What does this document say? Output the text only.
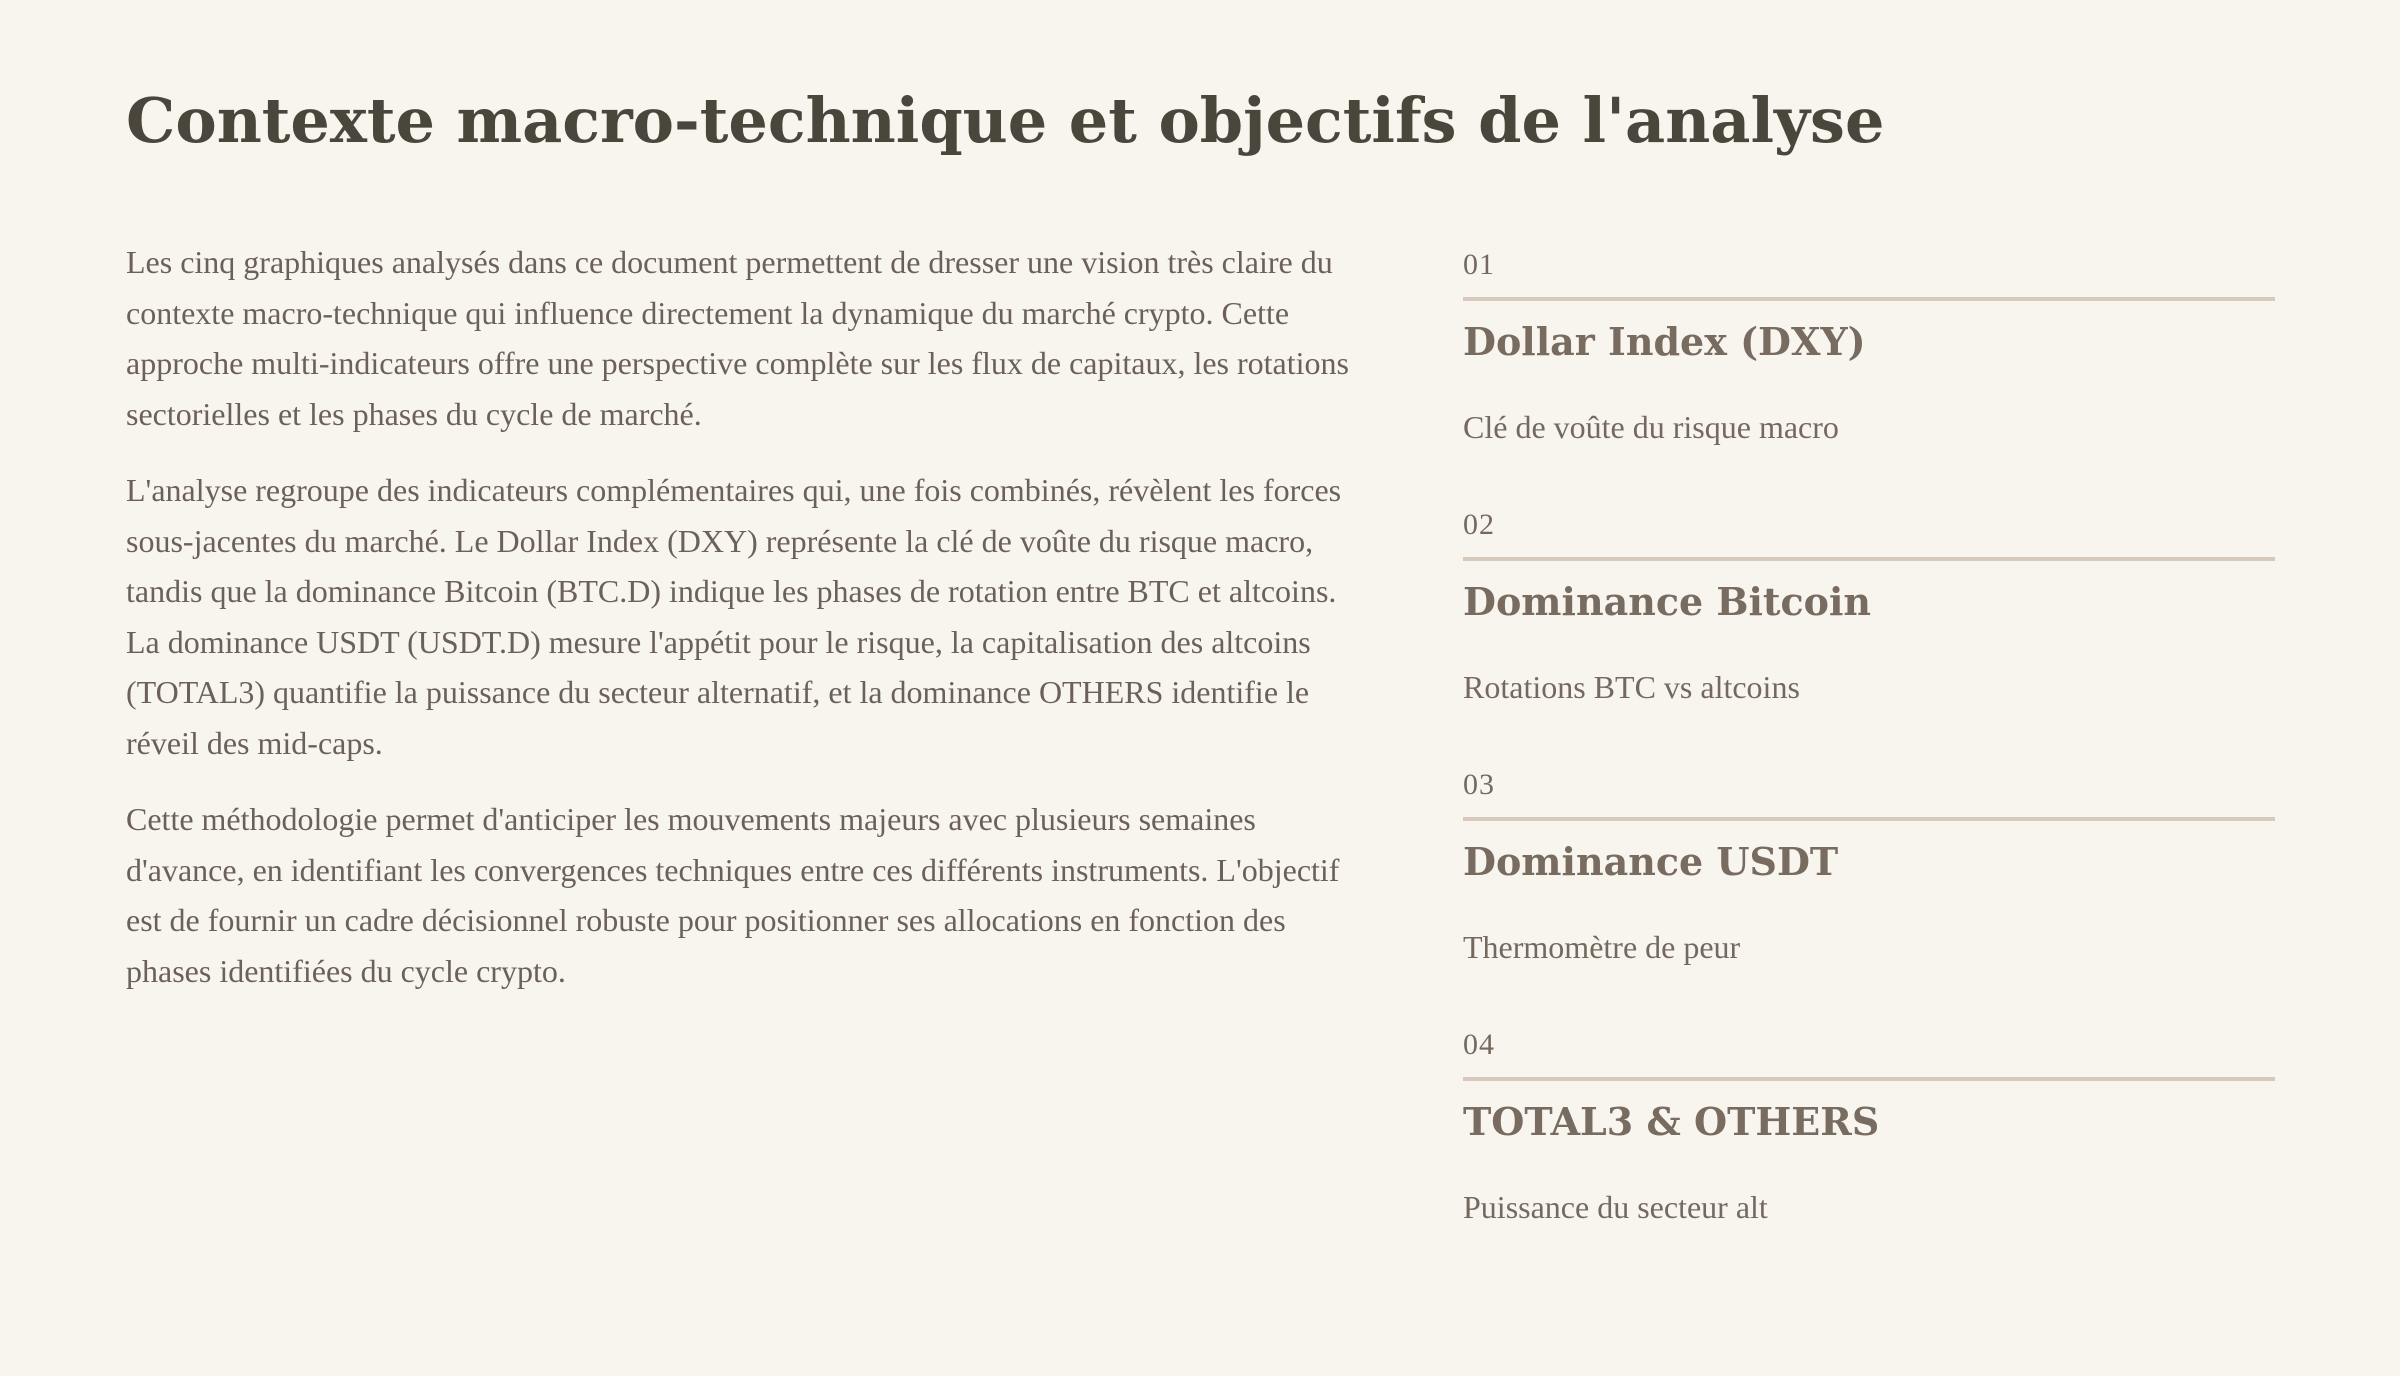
Contexte macro-technique et objectifs de l'analyse

Les cinq graphiques analysés dans ce document permettent de dresser une vision très claire du contexte macro-technique qui influence directement la dynamique du marché crypto. Cette approche multi-indicateurs offre une perspective complète sur les flux de capitaux, les rotations sectorielles et les phases du cycle de marché.

L'analyse regroupe des indicateurs complémentaires qui, une fois combinés, révèlent les forces sous-jacentes du marché. Le Dollar Index (DXY) représente la clé de voûte du risque macro, tandis que la dominance Bitcoin (BTC.D) indique les phases de rotation entre BTC et altcoins. La dominance USDT (USDT.D) mesure l'appétit pour le risque, la capitalisation des altcoins (TOTAL3) quantifie la puissance du secteur alternatif, et la dominance OTHERS identifie le réveil des mid-caps.

Cette méthodologie permet d'anticiper les mouvements majeurs avec plusieurs semaines d'avance, en identifiant les convergences techniques entre ces différents instruments. L'objectif est de fournir un cadre décisionnel robuste pour positionner ses allocations en fonction des phases identifiées du cycle crypto.

01
Dollar Index (DXY)
Clé de voûte du risque macro
02
Dominance Bitcoin
Rotations BTC vs altcoins
03
Dominance USDT
Thermomètre de peur
04
TOTAL3 & OTHERS
Puissance du secteur alt
